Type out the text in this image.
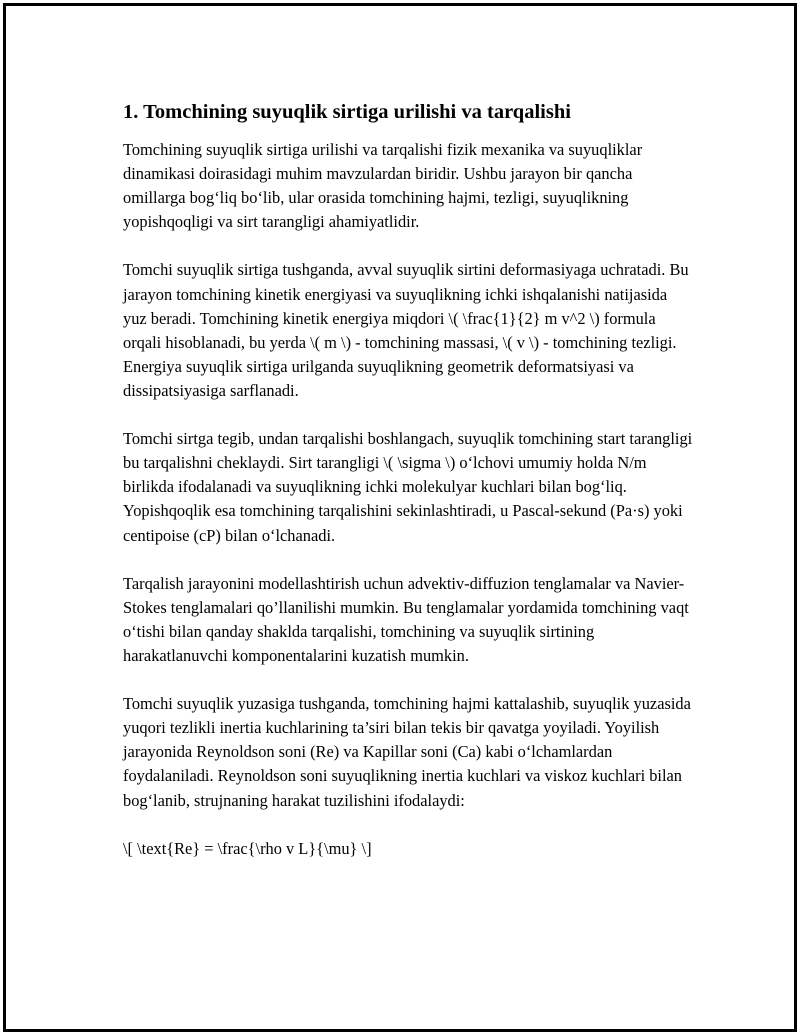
1. Tomchining suyuqlik sirtiga urilishi va tarqalishi

Tomchining suyuqlik sirtiga urilishi va tarqalishi fizik mexanika va suyuqliklar dinamikasi doirasidagi muhim mavzulardan biridir. Ushbu jarayon bir qancha omillarga bog‘liq bo‘lib, ular orasida tomchining hajmi, tezligi, suyuqlikning yopishqoqligi va sirt tarangligi ahamiyatlidir.

Tomchi suyuqlik sirtiga tushganda, avval suyuqlik sirtini deformasiyaga uchratadi. Bu jarayon tomchining kinetik energiyasi va suyuqlikning ichki ishqalanishi natijasida yuz beradi. Tomchining kinetik energiya miqdori \( \frac{1}{2} m v^2 \) formula orqali hisoblanadi, bu yerda \( m \) - tomchining massasi, \( v \) - tomchining tezligi. Energiya suyuqlik sirtiga urilganda suyuqlikning geometrik deformatsiyasi va dissipatsiyasiga sarflanadi.

Tomchi sirtga tegib, undan tarqalishi boshlangach, suyuqlik tomchining start tarangligi bu tarqalishni cheklaydi. Sirt tarangligi \( \sigma \) o‘lchovi umumiy holda N/m birlikda ifodalanadi va suyuqlikning ichki molekulyar kuchlari bilan bog‘liq. Yopishqoqlik esa tomchining tarqalishini sekinlashtiradi, u Pascal-sekund (Pa·s) yoki centipoise (cP) bilan o‘lchanadi.

Tarqalish jarayonini modellashtirish uchun advektiv-diffuzion tenglamalar va Navier-Stokes tenglamalari qo’llanilishi mumkin. Bu tenglamalar yordamida tomchining vaqt o‘tishi bilan qanday shaklda tarqalishi, tomchining va suyuqlik sirtining harakatlanuvchi komponentalarini kuzatish mumkin.

Tomchi suyuqlik yuzasiga tushganda, tomchining hajmi kattalashib, suyuqlik yuzasida yuqori tezlikli inertia kuchlarining ta’siri bilan tekis bir qavatga yoyiladi. Yoyilish jarayonida Reynoldson soni (Re) va Kapillar soni (Ca) kabi o‘lchamlardan foydalaniladi. Reynoldson soni suyuqlikning inertia kuchlari va viskoz kuchlari bilan bog‘lanib, strujnaning harakat tuzilishini ifodalaydi:

\[ \text{Re} = \frac{\rho v L}{\mu} \]
